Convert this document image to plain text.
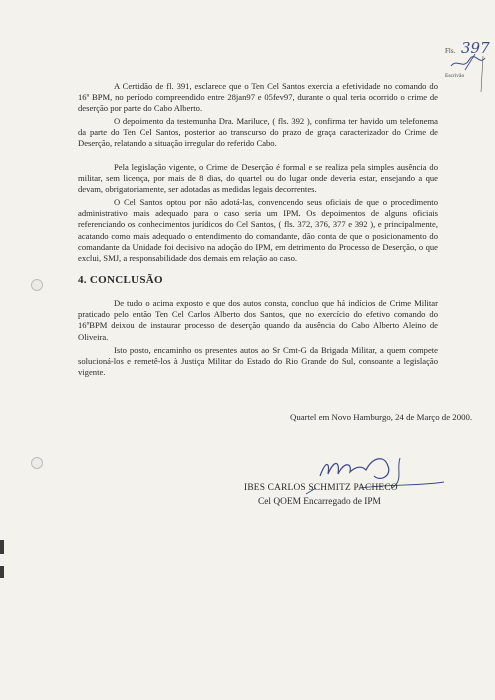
Fls. 397
Escrivão

A Certidão de fl. 391, esclarece que o Ten Cel Santos exercia a efetividade no comando do 16º BPM, no período compreendido entre 28jan97 e 05fev97, durante o qual teria ocorrido o crime de deserção por parte do Cabo Alberto.

O depoimento da testemunha Dra. Mariluce, ( fls. 392 ), confirma ter havido um telefonema da parte do Ten Cel Santos, posterior ao transcurso do prazo de graça caracterizador do Crime de Deserção, relatando a situação irregular do referido Cabo.

Pela legislação vigente, o Crime de Deserção é formal e se realiza pela simples ausência do militar, sem licença, por mais de 8 dias, do quartel ou do lugar onde deveria estar, ensejando a que devam, obrigatoriamente, ser adotadas as medidas legais decorrentes.

O Cel Santos optou por não adotá-las, convencendo seus oficiais de que o procedimento administrativo mais adequado para o caso seria um IPM. Os depoimentos de alguns oficiais referenciando os conhecimentos jurídicos do Cel Santos, ( fls. 372, 376, 377 e 392 ), e principalmente, acatando como mais adequado o entendimento do comandante, dão conta de que o posicionamento do comandante da Unidade foi decisivo na adoção do IPM, em detrimento do Processo de Deserção, o que exclui, SMJ, a responsabilidade dos demais em relação ao caso.

4. CONCLUSÃO

De tudo o acima exposto e que dos autos consta, concluo que há indícios de Crime Militar praticado pelo então Ten Cel Carlos Alberto dos Santos, que no exercício do efetivo comando do 16ºBPM deixou de instaurar processo de deserção quando da ausência do Cabo Alberto Aleino de Oliveira.

Isto posto, encaminho os presentes autos ao Sr Cmt-G da Brigada Militar, a quem compete solucioná-los e remetê-los à Justiça Militar do Estado do Rio Grande do Sul, consoante a legislação vigente.

Quartel em Novo Hamburgo, 24 de Março de 2000.

IBES CARLOS SCHMITZ PACHECO

Cel QOEM Encarregado de IPM
